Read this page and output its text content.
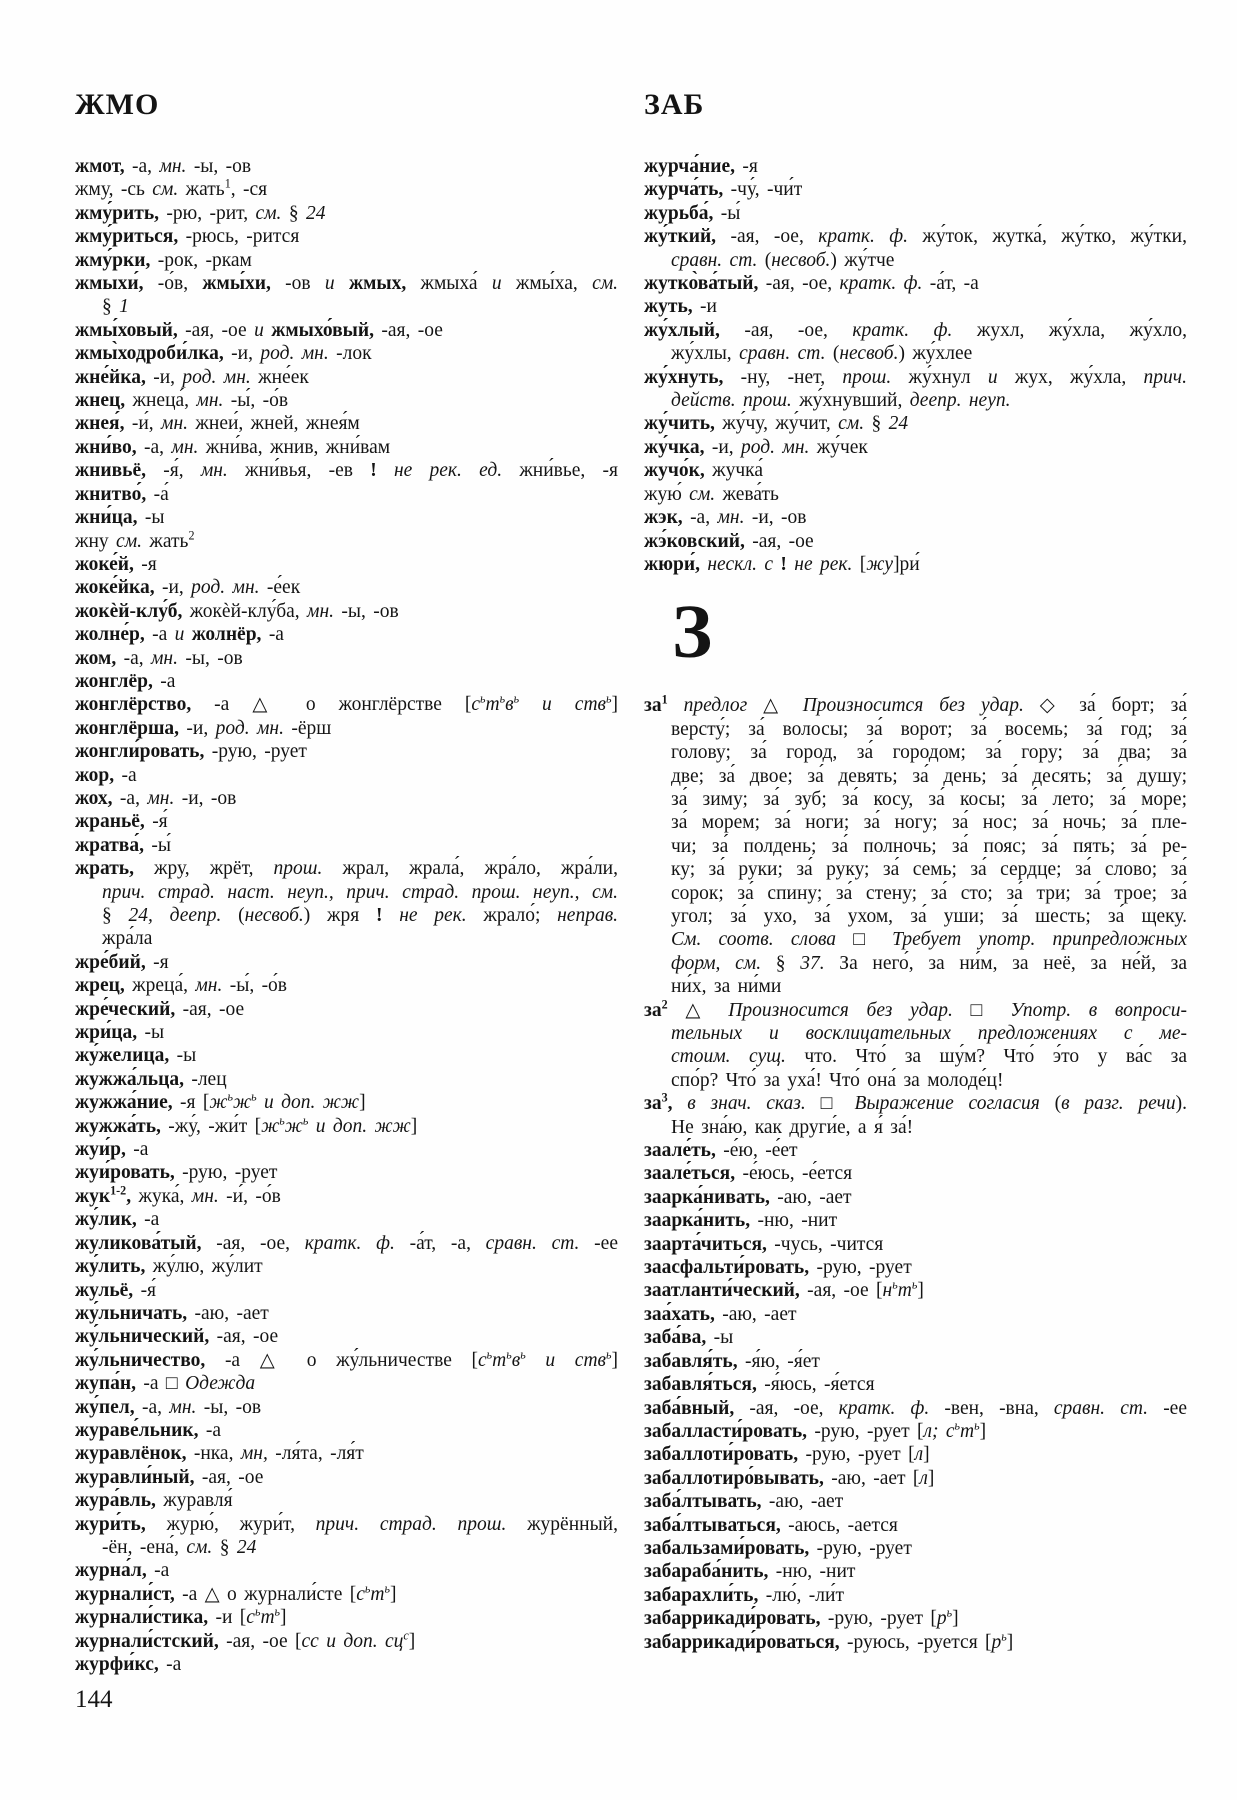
ЖМО
жмот, -а, мн. -ы, -ов
жму, -сь см. жать$^1$, -ся
жму́рить, -рю, -рит, см. § 24
жму́риться, -рюсь, -рится
жму́рки, -рок, -ркам
жмыхи́, -о́в, жмы́хи, -ов и жмых, жмыха́ и жмы́ха, см.
§ 1
жмы́ховый, -ая, -ое и жмыхо́вый, -ая, -ое
жмы̀ходроби́лка, -и, род. мн. -лок
жне́йка, -и, род. мн. жне́ек
жнец, жнеца́, мн. -ы́, -о́в
жнея́, -и́, мн. жнеи́, жней, жнея́м
жни́во, -а, мн. жни́ва, жнив, жни́вам
жнивьё, -я́, мн. жни́вья, -ев ! не рек. ед. жни́вье, -я
жнитво́, -а́
жни́ца, -ы
жну см. жать$^2$
жоке́й, -я
жоке́йка, -и, род. мн. -е́ек
жокѐй-клу́б, жокѐй-клу́ба, мн. -ы, -ов
жолне́р, -а и жолнёр, -а
жом, -а, мн. -ы, -ов
жонглёр, -а
жонглёрство, -а △ о жонглёрстве [$с^ьт^ьв^ь$ и ств$^ь$]
жонглёрша, -и, род. мн. -ёрш
жонгли́ровать, -рую, -рует
жор, -а
жох, -а, мн. -и, -ов
жраньё, -я́
жратва́, -ы́
жрать, жру, жрёт, прош. жрал, жрала́, жра́ло, жра́ли,
прич. страд. наст. неуп., прич. страд. прош. неуп., см.
§ 24, деепр. (несвоб.) жря ! не рек. жрало́; неправ.
жра́ла
жре́бий, -я
жрец, жреца́, мн. -ы́, -о́в
жре́ческий, -ая, -ое
жри́ца, -ы
жу́желица, -ы
жужжа́льца, -лец
жужжа́ние, -я [$ж^ьж^ь$ и доп. жж]
жужжа́ть, -жу́, -жи́т [$ж^ьж^ь$ и доп. жж]
жуи́р, -а
жуи́ровать, -рую, -рует
жук$^{1-2}$, жука́, мн. -и́, -о́в
жу́лик, -а
жуликова́тый, -ая, -ое, кратк. ф. -а́т, -а, сравн. ст. -ее
жу́лить, жу́лю, жу́лит
жульё, -я́
жу́льничать, -аю, -ает
жу́льнический, -ая, -ое
жу́льничество, -а △ о жу́льничестве [$с^ьт^ьв^ь$ и ств$^ь$]
жупа́н, -а □ Одежда
жу́пел, -а, мн. -ы, -ов
жураве́льник, -а
журавлёнок, -нка, мн, -ля́та, -ля́т
журавли́ный, -ая, -ое
жура́вль, журавля́
жури́ть, журю́, жури́т, прич. страд. прош. журённый,
-ён, -ена́, см. § 24
журна́л, -а
журнали́ст, -а △ о журнали́сте $[с^ьт^ь]$
журнали́стика, -и $[с^ьт^ь]$
журнали́стский, -ая, -ое [сс и доп. $сц^с$]
журфи́кс, -а
ЗАБ
журча́ние, -я
журча́ть, -чу́, -чи́т
журьба́, -ы́
жу́ткий, -ая, -ое, кратк. ф. жу́ток, жутка́, жу́тко, жу́тки,
сравн. ст. (несвоб.) жу́тче
жутко̀ва́тый, -ая, -ое, кратк. ф. -а́т, -а
жуть, -и
жу́хлый, -ая, -ое, кратк. ф. жухл, жу́хла, жу́хло,
жу́хлы, сравн. ст. (несвоб.) жу́хлее
жу́хнуть, -ну, -нет, прош. жу́хнул и жух, жу́хла, прич.
действ. прош. жу́хнувший, деепр. неуп.
жу́чить, жу́чу, жу́чит, см. § 24
жу́чка, -и, род. мн. жу́чек
жучо́к, жучка́
жую́ см. жева́ть
жэк, -а, мн. -и, -ов
жэ́ковский, -ая, -ое
жюри́, нескл. с ! не рек. [жу]ри́
З
$за^1$ предлог △ Произносится без удар. ◇ за́ борт; за́
версту́; за́ волосы; за́ ворот; за́ восемь; за́ год; за́
голову; за́ город, за́ городом; за́ гору; за́ два; за́
две; за́ двое; за́ девять; за́ день; за́ десять; за́ душу;
за́ зиму; за́ зуб; за́ косу, за́ косы; за́ лето; за́ море;
за́ морем; за́ ноги; за́ ногу; за́ нос; за́ ночь; за́ пле-
чи; за́ полдень; за́ полночь; за́ пояс; за́ пять; за́ ре-
ку; за́ руки; за́ руку; за́ семь; за́ сердце; за́ слово; за́
сорок; за́ спину; за́ стену; за́ сто; за́ три; за́ трое; за́
угол; за́ ухо, за́ ухом, за́ уши; за́ шесть; за́ щеку.
См. соотв. слова □ Требует употр. припредложных
форм, см. § 37. За него́, за ни́м, за неё, за не́й, за
ни́х, за ни́ми
$за^2$ △ Произносится без удар. □ Употр. в вопроси-
тельных и восклицательных предложениях с ме-
стоим. сущ. что. Что́ за шу́м? Что́ э́то у ва́с за
спо́р? Что́ за уха́! Что́ она́ за молоде́ц!
$за^3$, в знач. сказ. □ Выражение согласия (в разг. речи).
Не зна́ю, как други́е, а я́ за́!
заале́ть, -е́ю, -е́ет
заале́ться, -е́юсь, -е́ется
заарка́нивать, -аю, -ает
заарка́нить, -ню, -нит
заарта́читься, -чусь, -чится
заасфальти́ровать, -рую, -рует
заатланти́ческий, -ая, -ое $[н^ьт^ь]$
заа́хать, -аю, -ает
заба́ва, -ы
забавля́ть, -я́ю, -я́ет
забавля́ться, -я́юсь, -я́ется
заба́вный, -ая, -ое, кратк. ф. -вен, -вна, сравн. ст. -ее
забалласти́ровать, -рую, -рует [л; $с^ьт^ь$]
забаллоти́ровать, -рую, -рует [л]
забаллотиро́вывать, -аю, -ает [л]
заба́лтывать, -аю, -ает
заба́лтываться, -аюсь, -ается
забальзами́ровать, -рую, -рует
забараба́нить, -ню, -нит
забарахли́ть, -лю́, -ли́т
забаррикади́ровать, -рую, -рует $[р^ь]$
забаррикади́роваться, -руюсь, -руется $[р^ь]$
144
